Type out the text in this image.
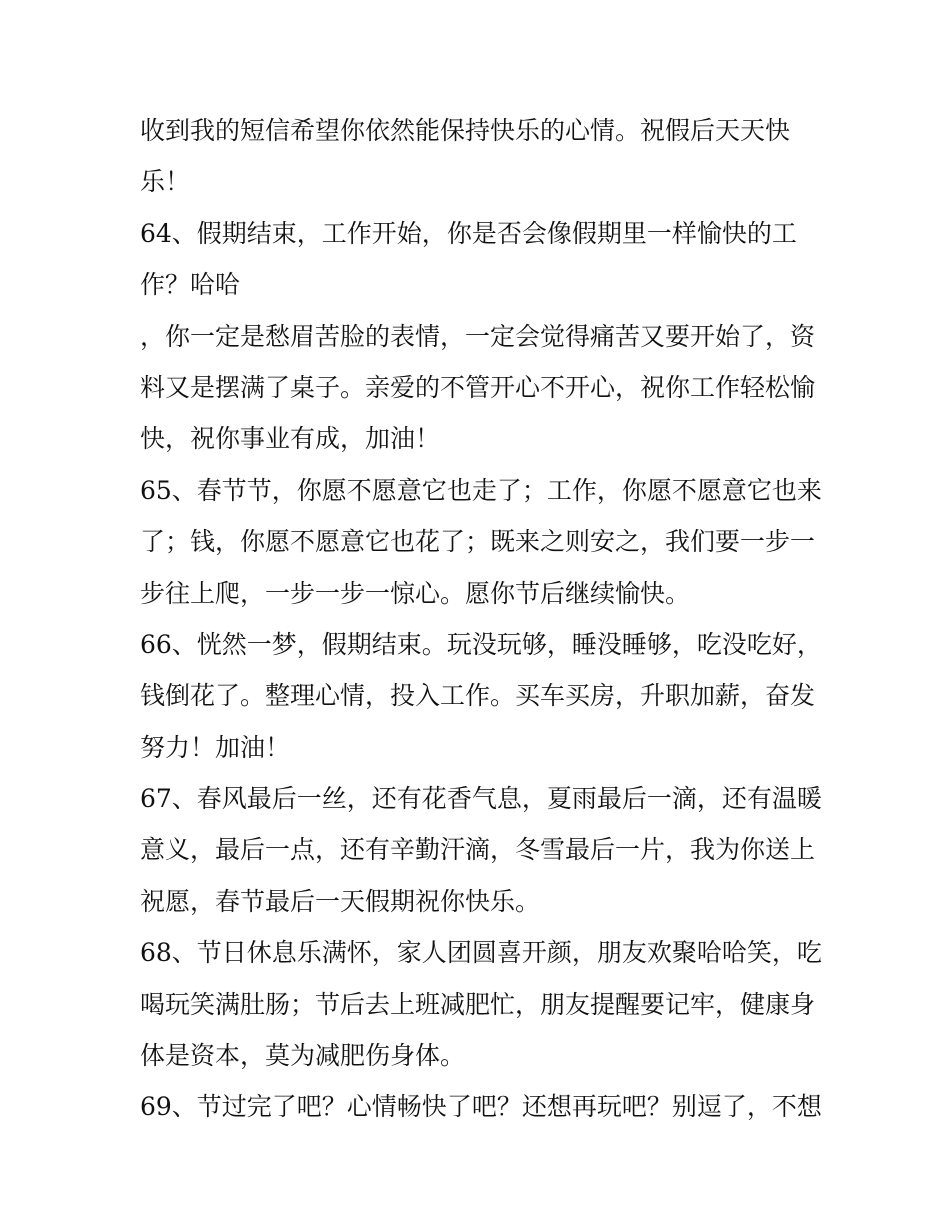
收到我的短信希望你依然能保持快乐的心情。祝假后天天快
乐！
64、假期结束，工作开始，你是否会像假期里一样愉快的工
作？哈哈
，你一定是愁眉苦脸的表情，一定会觉得痛苦又要开始了，资
料又是摆满了桌子。亲爱的不管开心不开心，祝你工作轻松愉
快，祝你事业有成，加油！
65、春节节，你愿不愿意它也走了；工作，你愿不愿意它也来
了；钱，你愿不愿意它也花了；既来之则安之，我们要一步一
步往上爬，一步一步一惊心。愿你节后继续愉快。
66、恍然一梦，假期结束。玩没玩够，睡没睡够，吃没吃好，
钱倒花了。整理心情，投入工作。买车买房，升职加薪，奋发
努力！加油！
67、春风最后一丝，还有花香气息，夏雨最后一滴，还有温暖
意义，最后一点，还有辛勤汗滴，冬雪最后一片，我为你送上
祝愿，春节最后一天假期祝你快乐。
68、节日休息乐满怀，家人团圆喜开颜，朋友欢聚哈哈笑，吃
喝玩笑满肚肠；节后去上班减肥忙，朋友提醒要记牢，健康身
体是资本，莫为减肥伤身体。
69、节过完了吧？心情畅快了吧？还想再玩吧？别逗了，不想
